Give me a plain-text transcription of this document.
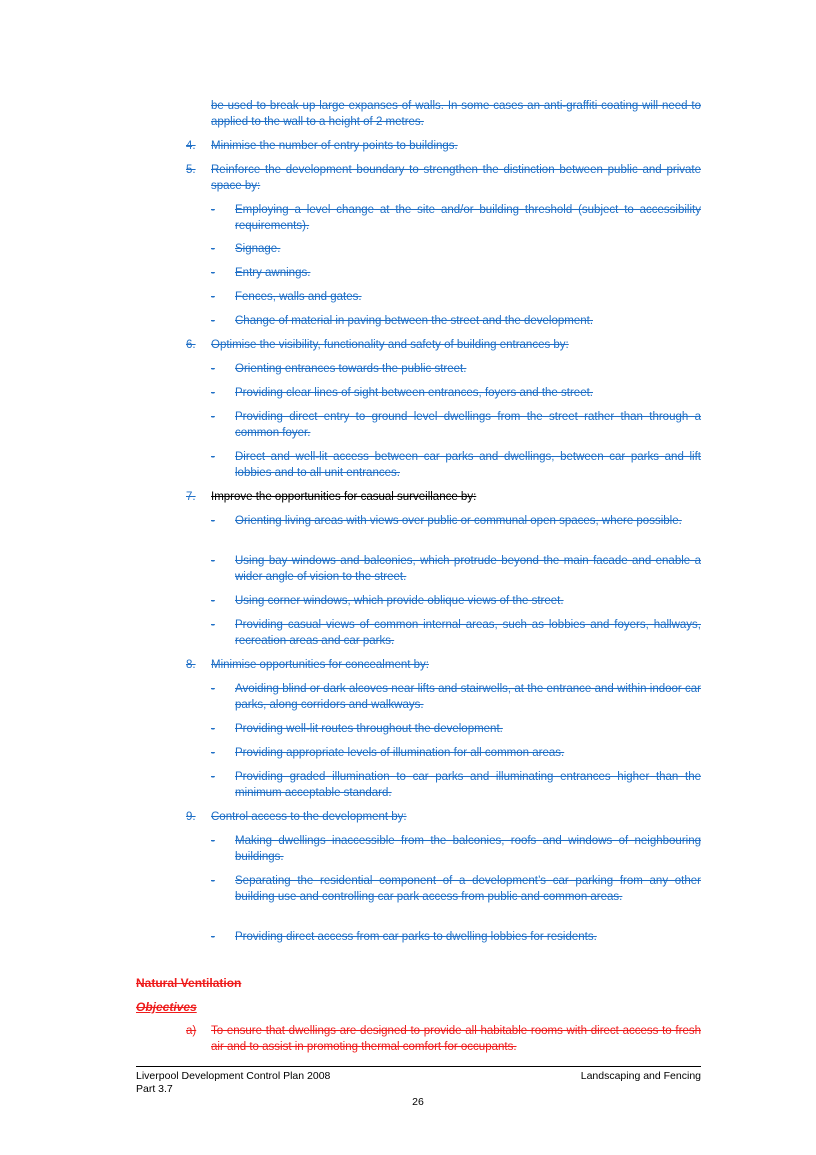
be used to break up large expanses of walls. In some cases an anti-graffiti coating will need to applied to the wall to a height of 2 metres.
4. Minimise the number of entry points to buildings.
5. Reinforce the development boundary to strengthen the distinction between public and private space by:
-	Employing a level change at the site and/or building threshold (subject to accessibility requirements).
-	Signage.
-	Entry awnings.
-	Fences, walls and gates.
-	Change of material in paving between the street and the development.
6. Optimise the visibility, functionality and safety of building entrances by:
-	Orienting entrances towards the public street.
-	Providing clear lines of sight between entrances, foyers and the street.
-	Providing direct entry to ground level dwellings from the street rather than through a common foyer.
-	Direct and well-lit access between car parks and dwellings, between car parks and lift lobbies and to all unit entrances.
7. Improve the opportunities for casual surveillance by:
-	Orienting living areas with views over public or communal open spaces, where possible.
-	Using bay windows and balconies, which protrude beyond the main facade and enable a wider angle of vision to the street.
-	Using corner windows, which provide oblique views of the street.
-	Providing casual views of common internal areas, such as lobbies and foyers, hallways, recreation areas and car parks.
8. Minimise opportunities for concealment by:
-	Avoiding blind or dark alcoves near lifts and stairwells, at the entrance and within indoor car parks, along corridors and walkways.
-	Providing well-lit routes throughout the development.
-	Providing appropriate levels of illumination for all common areas.
-	Providing graded illumination to car parks and illuminating entrances higher than the minimum acceptable standard.
9. Control access to the development by:
-	Making dwellings inaccessible from the balconies, roofs and windows of neighbouring buildings.
-	Separating the residential component of a development’s car parking from any other building use and controlling car park access from public and common areas.
-	Providing direct access from car parks to dwelling lobbies for residents.
Natural Ventilation
Objectives
a) To ensure that dwellings are designed to provide all habitable rooms with direct access to fresh air and to assist in promoting thermal comfort for occupants.
Liverpool Development Control Plan 2008
Part 3.7
Landscaping and Fencing
26
